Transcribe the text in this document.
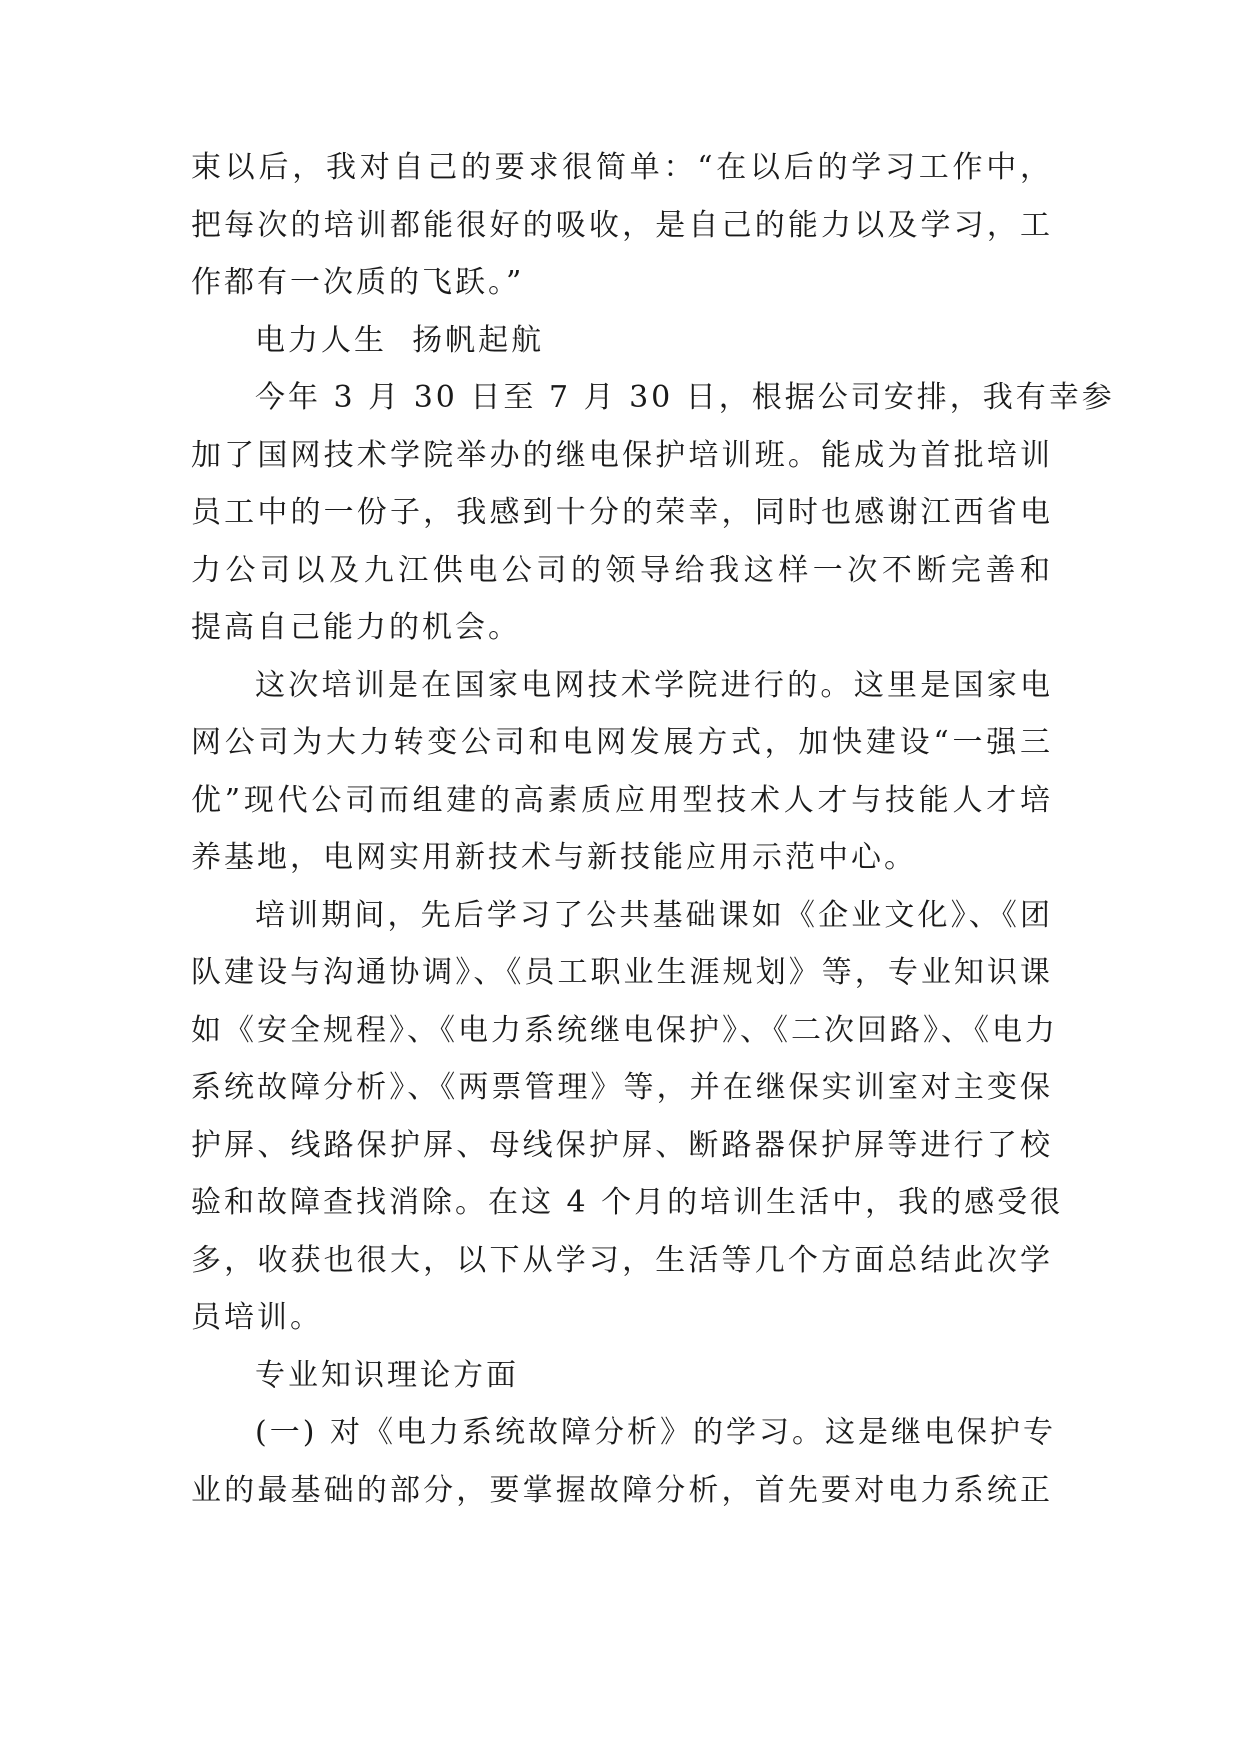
束以后，我对自己的要求很简单：“在以后的学习工作中，
把每次的培训都能很好的吸收，是自己的能力以及学习，工
作都有一次质的飞跃。”
电力人生  扬帆起航
今年 3 月 30 日至 7 月 30 日，根据公司安排，我有幸参
加了国网技术学院举办的继电保护培训班。能成为首批培训
员工中的一份子，我感到十分的荣幸，同时也感谢江西省电
力公司以及九江供电公司的领导给我这样一次不断完善和
提高自己能力的机会。
这次培训是在国家电网技术学院进行的。这里是国家电
网公司为大力转变公司和电网发展方式，加快建设“一强三
优”现代公司而组建的高素质应用型技术人才与技能人才培
养基地，电网实用新技术与新技能应用示范中心。
培训期间，先后学习了公共基础课如《企业文化》、《团
队建设与沟通协调》、《员工职业生涯规划》等，专业知识课
如《安全规程》、《电力系统继电保护》、《二次回路》、《电力
系统故障分析》、《两票管理》等，并在继保实训室对主变保
护屏、线路保护屏、母线保护屏、断路器保护屏等进行了校
验和故障查找消除。在这 4 个月的培训生活中，我的感受很
多，收获也很大，以下从学习，生活等几个方面总结此次学
员培训。
专业知识理论方面
(一) 对《电力系统故障分析》的学习。这是继电保护专
业的最基础的部分，要掌握故障分析，首先要对电力系统正
